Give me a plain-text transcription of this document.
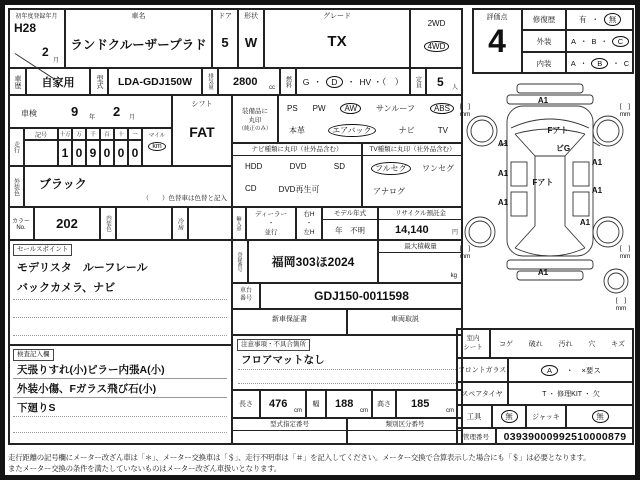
初年度登録年月
H28
2
月
車名
ランドクルーザープラド
ドア
5
形状
W
グレード
TX
2WD
4WD
車歴 自家用	型式 LDA-GDJ150W	排気量 2800 cc
燃料 G ・	D	・ HV ・（　） 定員 5 人
車検	9 年 2 月
シフト
FAT
装備品に
丸印
（純正のみ）
PS PW	AW	サンルーフ	ABS
本革	エアバック	ナビ	TV
走行
記号	十万	万	千	百	十	一
1 0 9 0 0 0
マイル
km	ナビ種類に丸印（社外品含む）
HDD	DVD	SD
CD	DVD再生可
TV種類に丸印（社外品含む）
フルセグ	ワンセグ
アナログ
外装色 ブラック
（　　）色替車は色替と記入
カラー
No. 202	内装色	冷房	輸入車
ディーラー
・
並行
右H
・
左H
モデル年式
年　不明
リサイクル預託金
14,140	円
セールスポイント
モデリスタ　ルーフレール
バックカメラ、ナビ
登録番号 福岡303ほ2024
最大積載量
kg
車台
番号	GDJ150-0011598
新車保証書	車両取説
注意事項・不具合箇所
フロアマットなし
検査記入欄
天張りすれ(小)ピラー内張A(小)
外装小傷、Fガラス飛び石(小)
下廻りS	長さ	476
cm
幅	188
cm
高さ	185
cm
型式指定番号	類別区分番号
評価点
4
修復歴	有 ・	無
外装	A ・ B ・	C
内装	A ・	B	・ C
A1
Fアト
ビG
A1
A1
A1
Fアト
A1
A1
A1
A1
[　]
mm
[　]
mm
[　]
mm
[　]
mm
[　]
mm
室内
シート コゲ 破れ 汚れ 穴 キズ
フロントガラス	A	・ ×要ス
スペアタイヤ	T ・ 修理KIT ・ 欠
工具	無	ジャッキ	無
管理番号	03939000992510000879
走行距離の記号欄にメーター改ざん車は「＊」、メーター交換車は「＄」、走行不明車は「＃」を記入してください。メーター交換で合算表示した場合にも「＄」は必要となります。
またメーター交換の条件を満たしていないものはメーター改ざん車扱いとなります。
